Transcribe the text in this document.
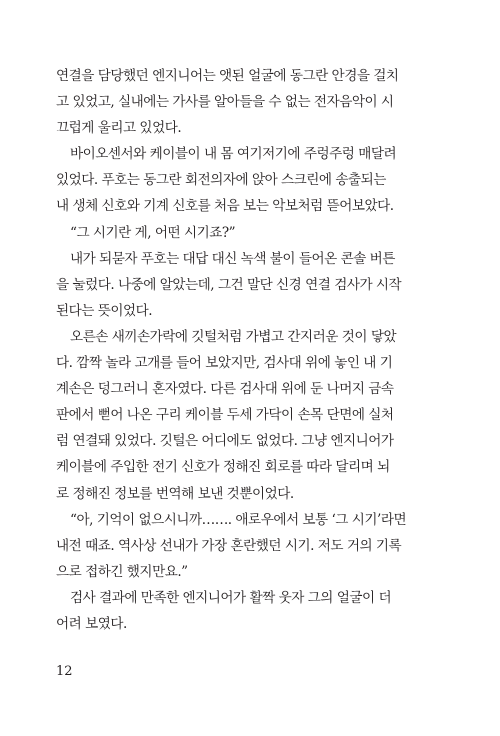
연결을 담당했던 엔지니어는 앳된 얼굴에 동그란 안경을 걸치
고 있었고, 실내에는 가사를 알아들을 수 없는 전자음악이 시
끄럽게 울리고 있었다.
바이오센서와 케이블이 내 몸 여기저기에 주렁주렁 매달려
있었다. 푸호는 동그란 회전의자에 앉아 스크린에 송출되는
내 생체 신호와 기계 신호를 처음 보는 악보처럼 뜯어보았다.
“그 시기란 게, 어떤 시기죠?”
내가 되묻자 푸호는 대답 대신 녹색 불이 들어온 콘솔 버튼
을 눌렀다. 나중에 알았는데, 그건 말단 신경 연결 검사가 시작
된다는 뜻이었다.
오른손 새끼손가락에 깃털처럼 가볍고 간지러운 것이 닿았
다. 깜짝 놀라 고개를 들어 보았지만, 검사대 위에 놓인 내 기
계손은 덩그러니 혼자였다. 다른 검사대 위에 둔 나머지 금속
판에서 뻗어 나온 구리 케이블 두세 가닥이 손목 단면에 실처
럼 연결돼 있었다. 깃털은 어디에도 없었다. 그냥 엔지니어가
케이블에 주입한 전기 신호가 정해진 회로를 따라 달리며 뇌
로 정해진 정보를 번역해 보낸 것뿐이었다.
“아, 기억이 없으시니까……. 애로우에서 보통 ‘그 시기’라면
내전 때죠. 역사상 선내가 가장 혼란했던 시기. 저도 거의 기록
으로 접하긴 했지만요.”
검사 결과에 만족한 엔지니어가 활짝 웃자 그의 얼굴이 더
어려 보였다.
12
